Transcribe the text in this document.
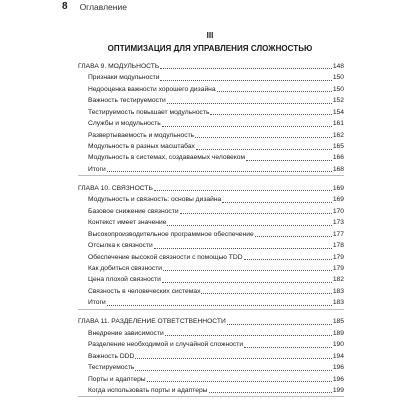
8 Оглавление
III
ОПТИМИЗАЦИЯ ДЛЯ УПРАВЛЕНИЯ СЛОЖНОСТЬЮ
ГЛАВА 9. МОДУЛЬНОСТЬ	148
Признаки модульности	150
Недооценка важности хорошего дизайна	150
Важность тестируемости	152
Тестируемость повышает модульность	154
Службы и модульность	161
Развертываемость и модульность	162
Модульность в разных масштабах	165
Модульность в системах, создаваемых человеком	166
Итоги	168
ГЛАВА 10. СВЯЗНОСТЬ	169
Модульность и связность: основы дизайна	169
Базовое снижение связности	170
Контекст имеет значение	173
Высокопроизводительное программное обеспечение	177
Отсылка к связности	178
Обеспечение высокой связности с помощью TDD	179
Как добиться связности	179
Цена плохой связности	182
Связность в человеческих системах	183
Итоги	183
ГЛАВА 11. РАЗДЕЛЕНИЕ ОТВЕТСТВЕННОСТИ	185
Внедрение зависимости	189
Разделение необходимой и случайной сложности	190
Важность DDD	194
Тестируемость	196
Порты и адаптеры	196
Когда использовать порты и адаптеры	199
